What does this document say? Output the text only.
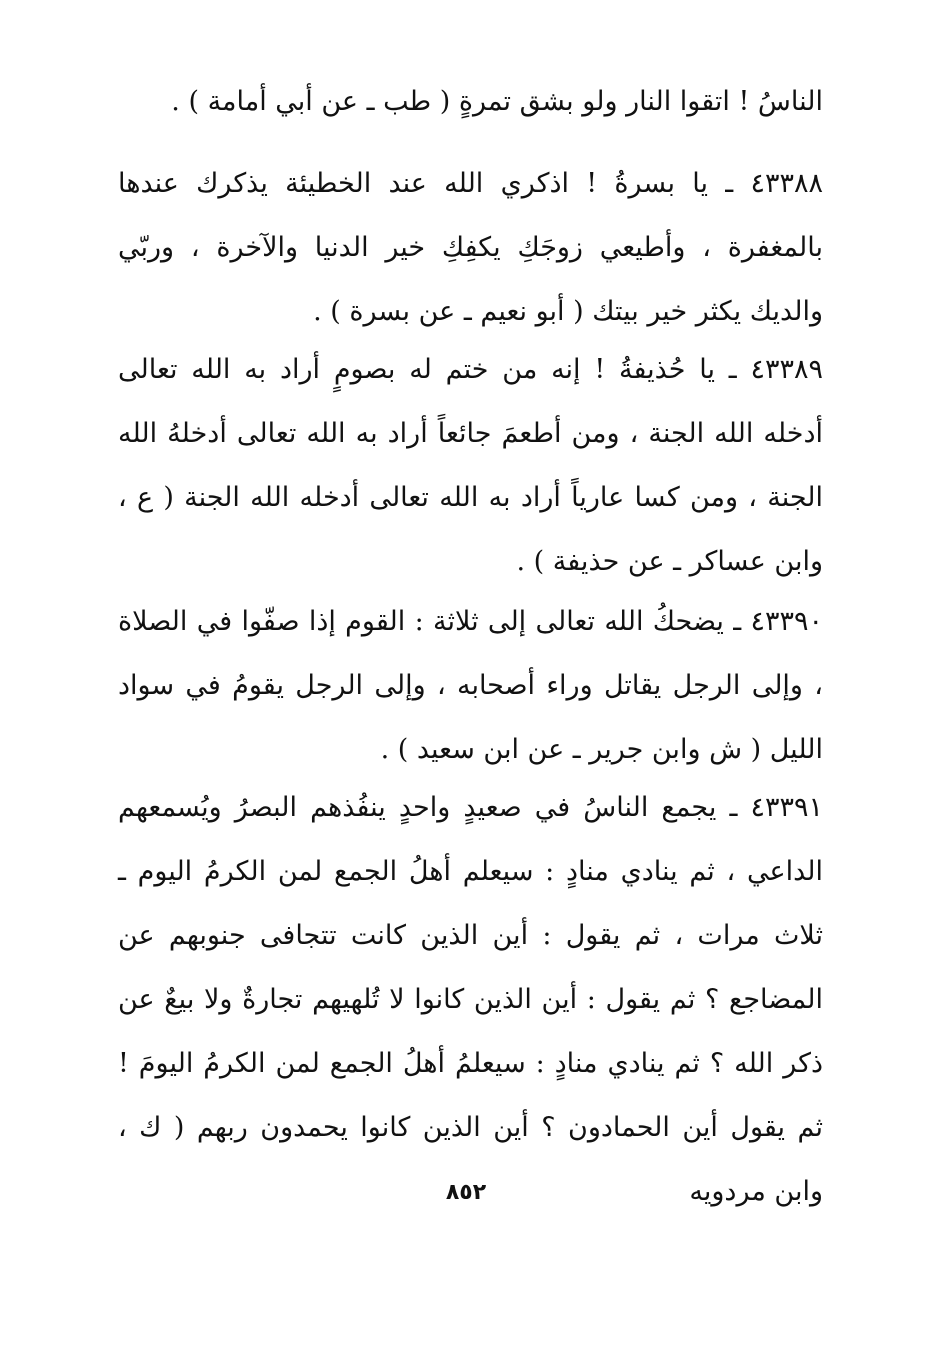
الناسُ ! اتقوا النار ولو بشق تمرةٍ ( طب ـ عن أبي أمامة ) .
٤٣٣٨٨ ـ يا بسرةُ ! اذكري الله عند الخطيئة يذكرك عندها بالمغفرة ، وأطيعي زوجَكِ يكفِكِ خير الدنيا والآخرة ، وربّي والديك يكثر خير بيتك ( أبو نعيم ـ عن بسرة ) .
٤٣٣٨٩ ـ يا حُذيفةُ ! إنه من ختم له بصومٍ أراد به الله تعالى أدخله الله الجنة ، ومن أطعمَ جائعاً أراد به الله تعالى أدخلهُ الله الجنة ، ومن كسا عارياً أراد به الله تعالى أدخله الله الجنة ( ع ، وابن عساكر ـ عن حذيفة ) .
٤٣٣٩٠ ـ يضحكُ الله تعالى إلى ثلاثة : القوم إذا صفّوا في الصلاة ، وإلى الرجل يقاتل وراء أصحابه ، وإلى الرجل يقومُ في سواد الليل ( ش وابن جرير ـ عن ابن سعيد ) .
٤٣٣٩١ ـ يجمع الناسُ في صعيدٍ واحدٍ ينفُذهم البصرُ ويُسمعهم الداعي ، ثم ينادي منادٍ : سيعلم أهلُ الجمع لمن الكرمُ اليوم ـ ثلاث مرات ، ثم يقول : أين الذين كانت تتجافى جنوبهم عن المضاجع ؟ ثم يقول : أين الذين كانوا لا تُلهيهم تجارةٌ ولا بيعٌ عن ذكر الله ؟ ثم ينادي منادٍ : سيعلمُ أهلُ الجمع لمن الكرمُ اليومَ ! ثم يقول أين الحمادون ؟ أين الذين كانوا يحمدون ربهم ( ك ، وابن مردويه
٨٥٢
